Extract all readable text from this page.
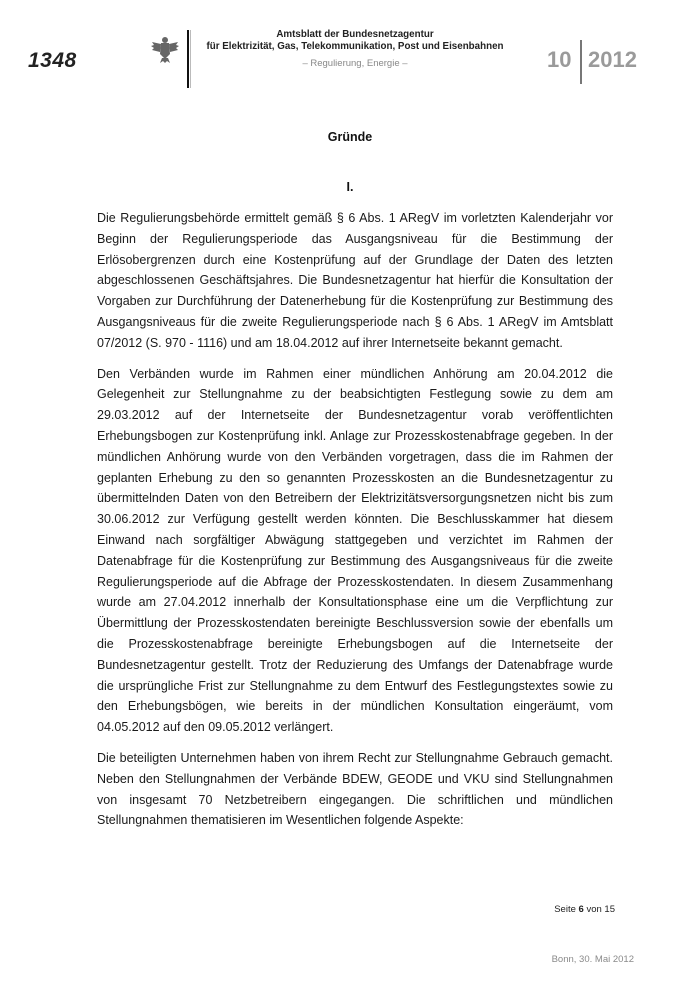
1348
Amtsblatt der Bundesnetzagentur
für Elektrizität, Gas, Telekommunikation, Post und Eisenbahnen
– Regulierung, Energie –	10 2012
Gründe
I.

Die Regulierungsbehörde ermittelt gemäß § 6 Abs. 1 ARegV im vorletzten Kalenderjahr vor Beginn der Regulierungsperiode das Ausgangsniveau für die Bestimmung der Erlösobergrenzen durch eine Kostenprüfung auf der Grundlage der Daten des letzten abgeschlossenen Geschäftsjahres. Die Bundesnetzagentur hat hierfür die Konsultation der Vorgaben zur Durchführung der Datenerhebung für die Kostenprüfung zur Bestimmung des Ausgangsniveaus für die zweite Regulierungsperiode nach § 6 Abs. 1 ARegV im Amtsblatt 07/2012 (S. 970 - 1116) und am 18.04.2012 auf ihrer Internetseite bekannt gemacht.

Den Verbänden wurde im Rahmen einer mündlichen Anhörung am 20.04.2012 die Gelegenheit zur Stellungnahme zu der beabsichtigten Festlegung sowie zu dem am 29.03.2012 auf der Internetseite der Bundesnetzagentur vorab veröffentlichten Erhebungsbogen zur Kostenprüfung inkl. Anlage zur Prozesskostenabfrage gegeben. In der mündlichen Anhörung wurde von den Verbänden vorgetragen, dass die im Rahmen der geplanten Erhebung zu den so genannten Prozesskosten an die Bundesnetzagentur zu übermittelnden Daten von den Betreibern der Elektrizitätsversorgungsnetzen nicht bis zum 30.06.2012 zur Verfügung gestellt werden könnten. Die Beschlusskammer hat diesem Einwand nach sorgfältiger Abwägung stattgegeben und verzichtet im Rahmen der Datenabfrage für die Kostenprüfung zur Bestimmung des Ausgangsniveaus für die zweite Regulierungsperiode auf die Abfrage der Prozesskostendaten. In diesem Zusammenhang wurde am 27.04.2012 innerhalb der Konsultationsphase eine um die Verpflichtung zur Übermittlung der Prozesskostendaten bereinigte Beschlussversion sowie der ebenfalls um die Prozesskostenabfrage bereinigte Erhebungsbogen auf die Internetseite der Bundesnetzagentur gestellt. Trotz der Reduzierung des Umfangs der Datenabfrage wurde die ursprüngliche Frist zur Stellungnahme zu dem Entwurf des Festlegungstextes sowie zu den Erhebungsbögen, wie bereits in der mündlichen Konsultation eingeräumt, vom 04.05.2012 auf den 09.05.2012 verlängert.

Die beteiligten Unternehmen haben von ihrem Recht zur Stellungnahme Gebrauch gemacht. Neben den Stellungnahmen der Verbände BDEW, GEODE und VKU sind Stellungnahmen von insgesamt 70 Netzbetreibern eingegangen. Die schriftlichen und mündlichen Stellungnahmen thematisieren im Wesentlichen folgende Aspekte:

Seite 6 von 15
Bonn, 30. Mai 2012
